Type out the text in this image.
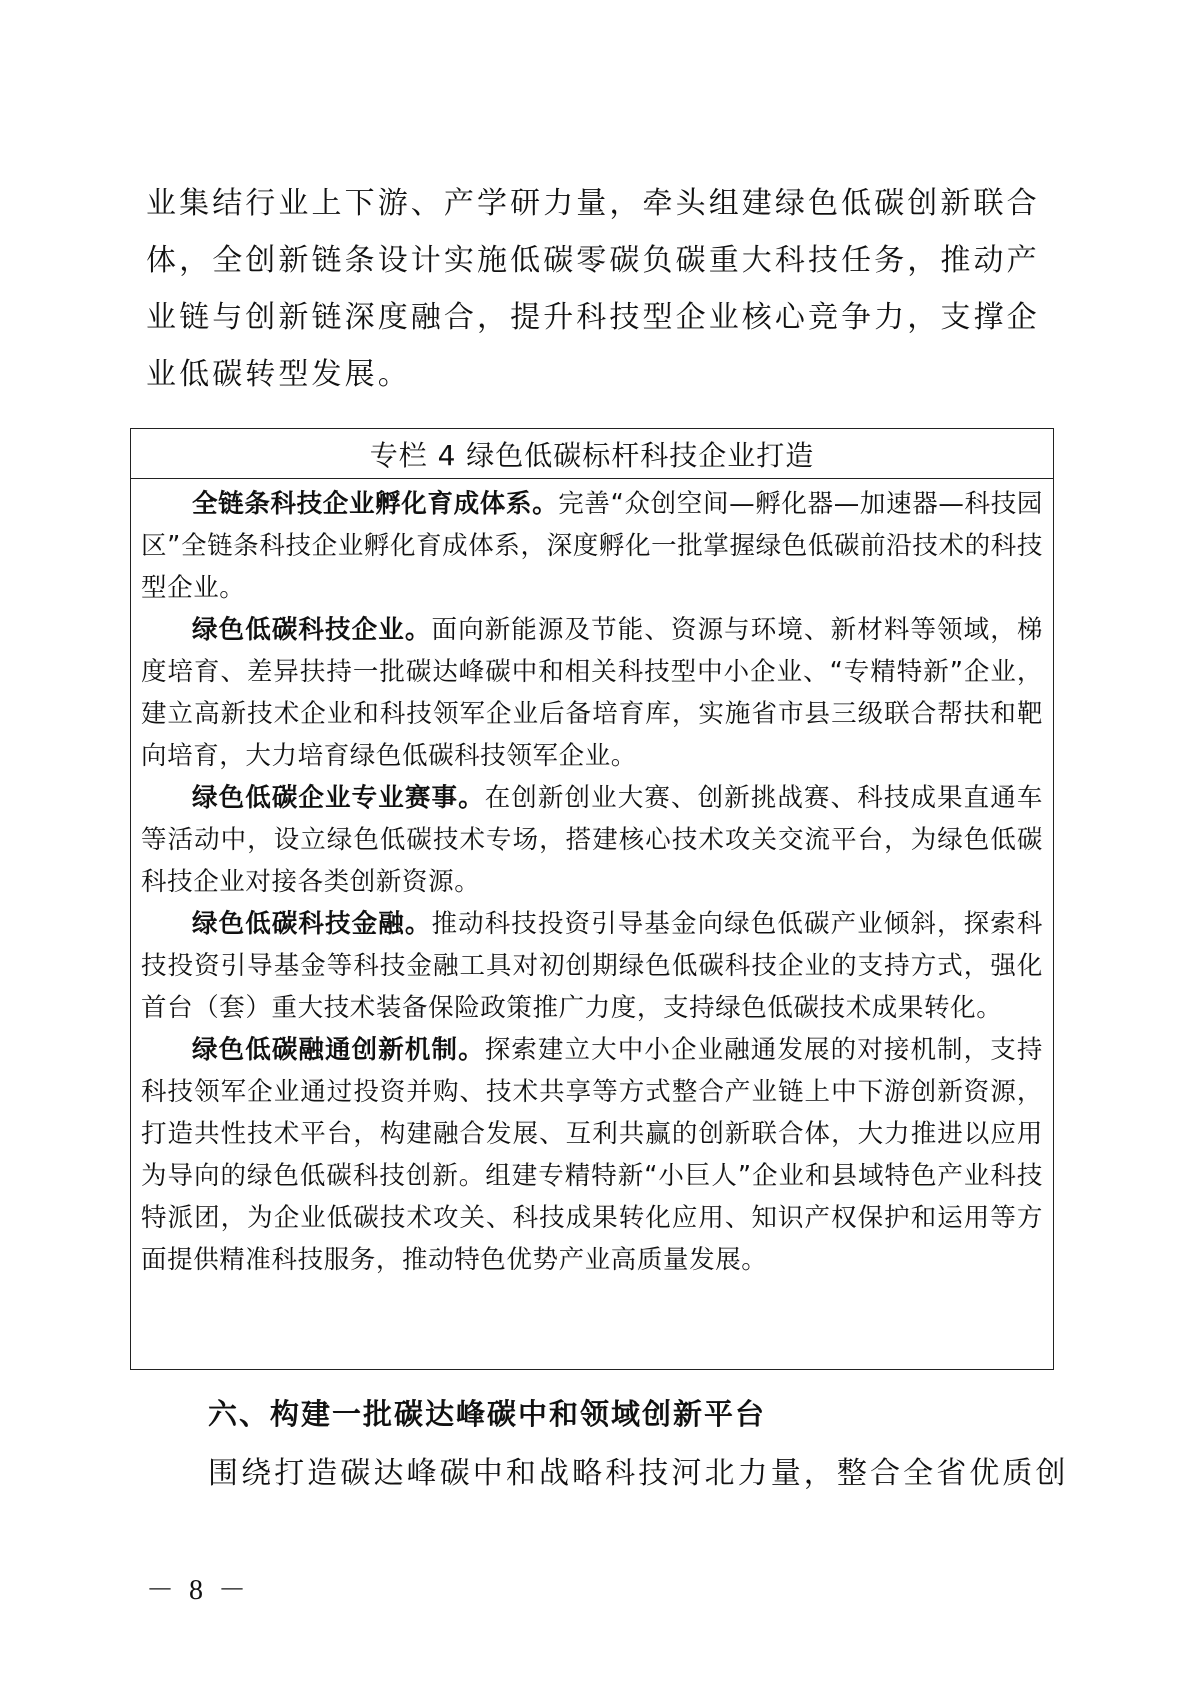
业集结行业上下游、产学研力量，牵头组建绿色低碳创新联合体，全创新链条设计实施低碳零碳负碳重大科技任务，推动产业链与创新链深度融合，提升科技型企业核心竞争力，支撑企业低碳转型发展。

专栏 4 绿色低碳标杆科技企业打造

全链条科技企业孵化育成体系。完善“众创空间—孵化器—加速器—科技园区”全链条科技企业孵化育成体系，深度孵化一批掌握绿色低碳前沿技术的科技型企业。

绿色低碳科技企业。面向新能源及节能、资源与环境、新材料等领域，梯度培育、差异扶持一批碳达峰碳中和相关科技型中小企业、“专精特新”企业，建立高新技术企业和科技领军企业后备培育库，实施省市县三级联合帮扶和靶向培育，大力培育绿色低碳科技领军企业。

绿色低碳企业专业赛事。在创新创业大赛、创新挑战赛、科技成果直通车等活动中，设立绿色低碳技术专场，搭建核心技术攻关交流平台，为绿色低碳科技企业对接各类创新资源。

绿色低碳科技金融。推动科技投资引导基金向绿色低碳产业倾斜，探索科技投资引导基金等科技金融工具对初创期绿色低碳科技企业的支持方式，强化首台（套）重大技术装备保险政策推广力度，支持绿色低碳技术成果转化。

绿色低碳融通创新机制。探索建立大中小企业融通发展的对接机制，支持科技领军企业通过投资并购、技术共享等方式整合产业链上中下游创新资源，打造共性技术平台，构建融合发展、互利共赢的创新联合体，大力推进以应用为导向的绿色低碳科技创新。组建专精特新“小巨人”企业和县域特色产业科技特派团，为企业低碳技术攻关、科技成果转化应用、知识产权保护和运用等方面提供精准科技服务，推动特色优势产业高质量发展。

六、构建一批碳达峰碳中和领域创新平台

围绕打造碳达峰碳中和战略科技河北力量，整合全省优质创

－ 8 －
